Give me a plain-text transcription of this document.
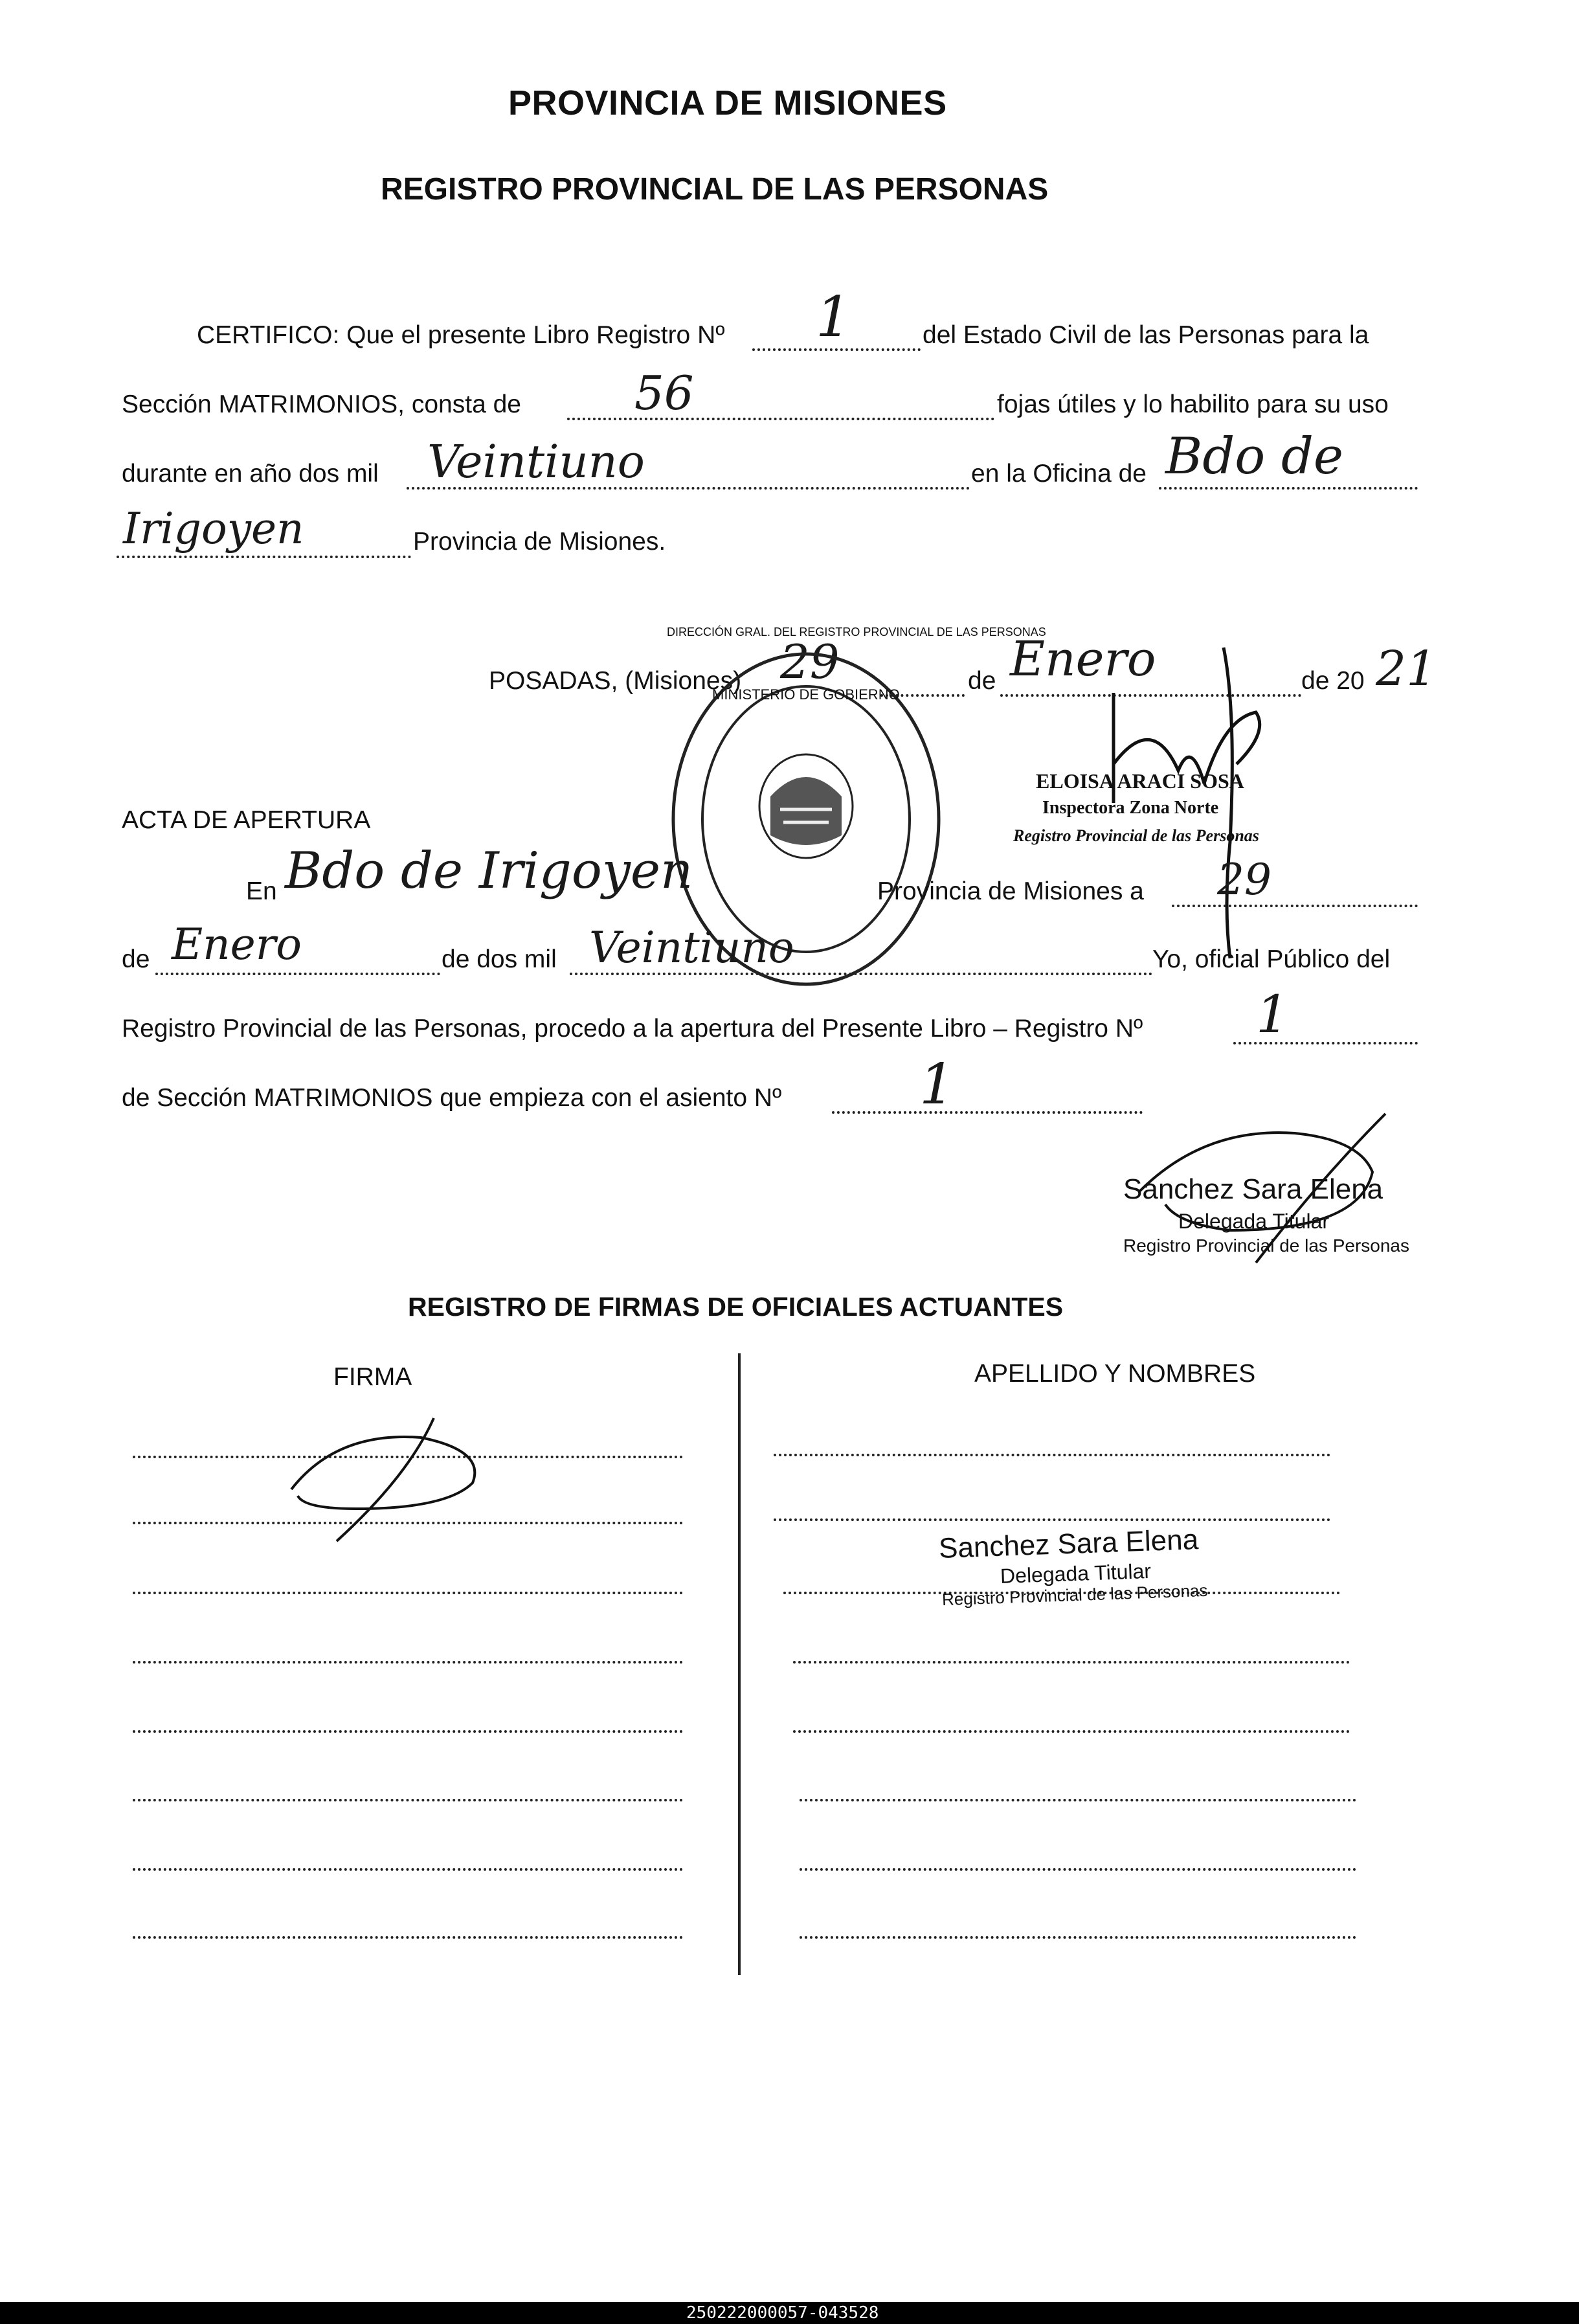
PROVINCIA DE MISIONES
REGISTRO PROVINCIAL DE LAS PERSONAS
CERTIFICO: Que el presente Libro Registro Nº 1	del Estado Civil de las Personas para la
Sección MATRIMONIOS, consta de 56	fojas útiles y lo habilito para su uso
durante en año dos mil Veintiuno	en la Oficina de Bdo de
Irigoyen	Provincia de Misiones.
POSADAS, (Misiones) 29	de Enero	de 20 21
DIRECCIÓN GRAL. DEL REGISTRO PROVINCIAL DE LAS PERSONAS
MINISTERIO DE GOBIERNO
ELOISA ARACI SOSA
Inspectora Zona Norte
Registro Provincial de las Personas
ACTA DE APERTURA
En Bdo de Irigoyen	Provincia de Misiones a 29
de Enero	de dos mil Veintiuno	Yo, oficial Público del
Registro Provincial de las Personas, procedo a la apertura del Presente Libro – Registro Nº 1
de Sección MATRIMONIOS que empieza con el asiento Nº 1
Sanchez Sara Elena
Delegada Titular
Registro Provincial de las Personas
REGISTRO DE FIRMAS DE OFICIALES ACTUANTES
FIRMA	APELLIDO Y NOMBRES
Sanchez Sara Elena
Delegada Titular
Registro Provincial de las Personas
250222000057-043528
